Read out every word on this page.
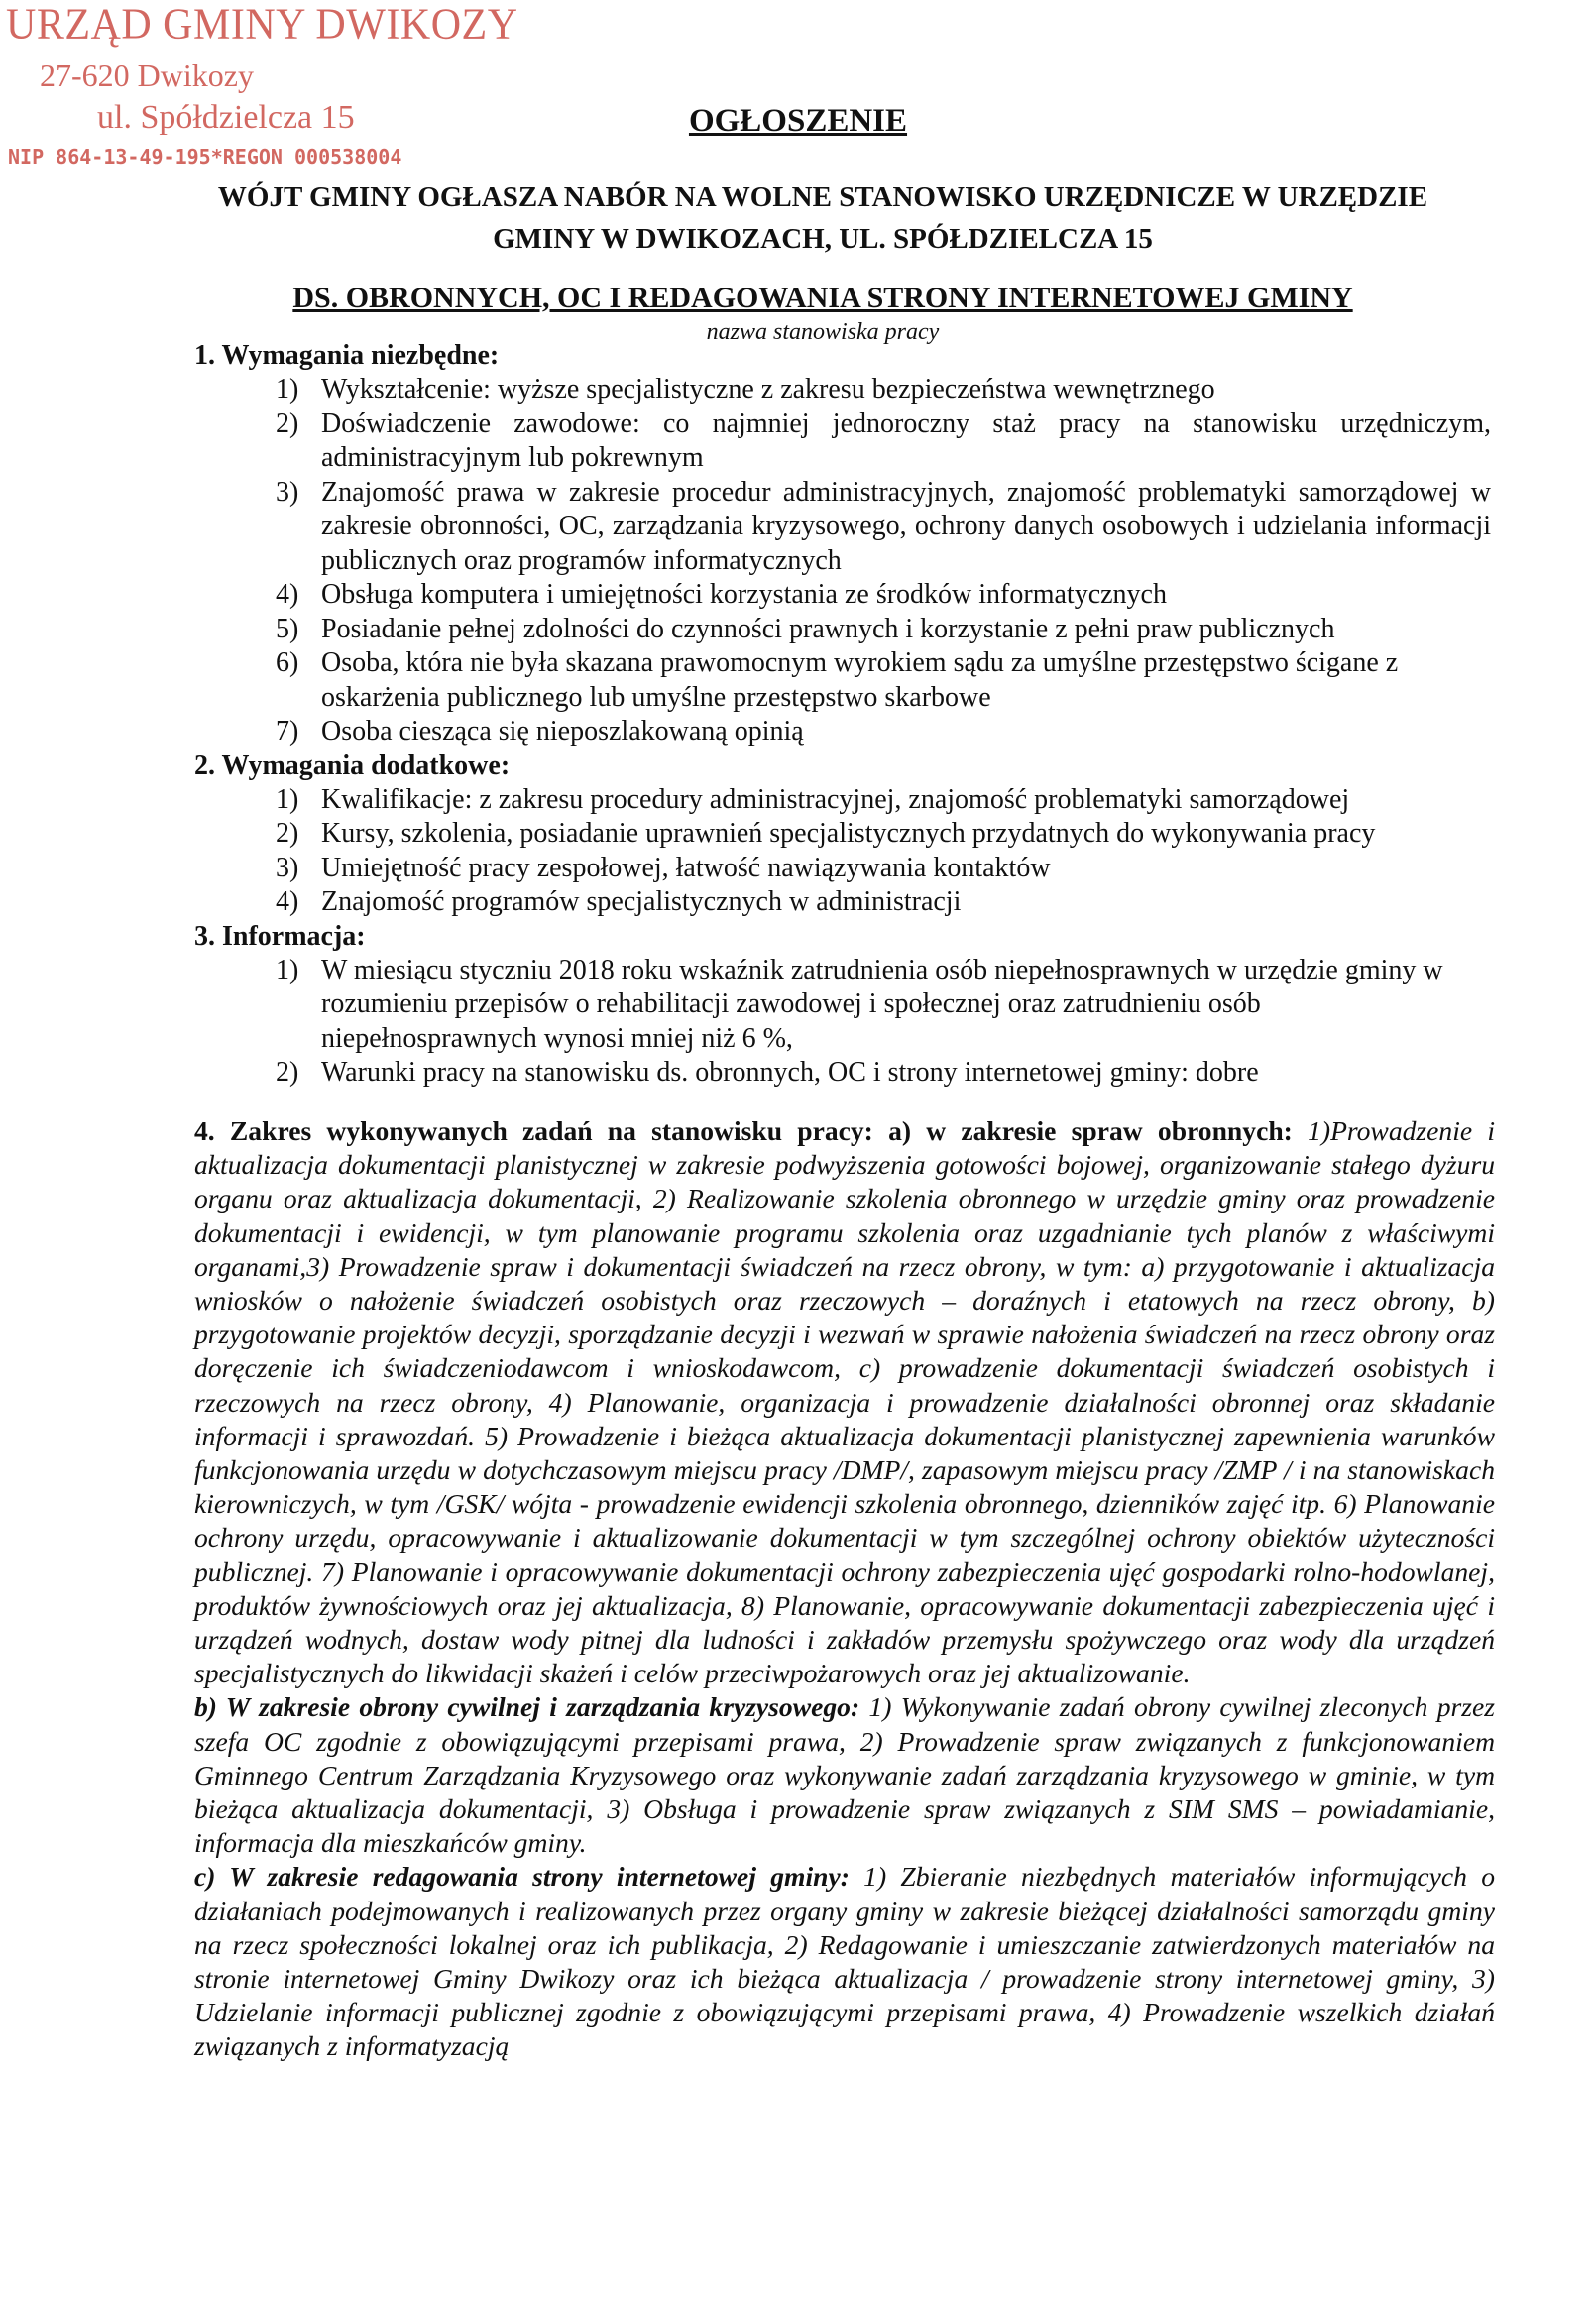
URZĄD GMINY DWIKOZY
27-620 Dwikozy
ul. Spółdzielcza 15
NIP 864-13-49-195*REGON 000538004
OGŁOSZENIE
WÓJT GMINY OGŁASZA NABÓR NA WOLNE STANOWISKO URZĘDNICZE W URZĘDZIE
GMINY W DWIKOZACH, UL. SPÓŁDZIELCZA 15
DS. OBRONNYCH, OC I REDAGOWANIA STRONY INTERNETOWEJ GMINY
nazwa stanowiska pracy
1. Wymagania niezbędne:
1) Wykształcenie: wyższe specjalistyczne z zakresu bezpieczeństwa wewnętrznego
2) Doświadczenie zawodowe: co najmniej jednoroczny staż pracy na stanowisku urzędniczym, administracyjnym lub pokrewnym
3) Znajomość prawa w zakresie procedur administracyjnych, znajomość problematyki samorządowej w zakresie obronności, OC, zarządzania kryzysowego, ochrony danych osobowych i udzielania informacji publicznych oraz programów informatycznych
4) Obsługa komputera i umiejętności korzystania ze środków informatycznych
5) Posiadanie pełnej zdolności do czynności prawnych i korzystanie z pełni praw publicznych
6) Osoba, która nie była skazana prawomocnym wyrokiem sądu za umyślne przestępstwo ścigane z oskarżenia publicznego lub umyślne przestępstwo skarbowe
7) Osoba ciesząca się nieposzlakowaną opinią
2. Wymagania dodatkowe:
1) Kwalifikacje: z zakresu procedury administracyjnej, znajomość problematyki samorządowej
2) Kursy, szkolenia, posiadanie uprawnień specjalistycznych przydatnych do wykonywania pracy
3) Umiejętność pracy zespołowej, łatwość nawiązywania kontaktów
4) Znajomość programów specjalistycznych w administracji
3. Informacja:
1) W miesiącu styczniu 2018 roku wskaźnik zatrudnienia osób niepełnosprawnych w urzędzie gminy w rozumieniu przepisów o rehabilitacji zawodowej i społecznej oraz zatrudnieniu osób niepełnosprawnych wynosi mniej niż 6 %,
2) Warunki pracy na stanowisku ds. obronnych, OC i strony internetowej gminy: dobre

4. Zakres wykonywanych zadań na stanowisku pracy: a) w zakresie spraw obronnych: 1)Prowadzenie i aktualizacja dokumentacji planistycznej w zakresie podwyższenia gotowości bojowej, organizowanie stałego dyżuru organu oraz aktualizacja dokumentacji, 2) Realizowanie szkolenia obronnego w urzędzie gminy oraz prowadzenie dokumentacji i ewidencji, w tym planowanie programu szkolenia oraz uzgadnianie tych planów z właściwymi organami,3) Prowadzenie spraw i dokumentacji świadczeń na rzecz obrony, w tym: a) przygotowanie i aktualizacja wniosków o nałożenie świadczeń osobistych oraz rzeczowych – doraźnych i etatowych na rzecz obrony, b) przygotowanie projektów decyzji, sporządzanie decyzji i wezwań w sprawie nałożenia świadczeń na rzecz obrony oraz doręczenie ich świadczeniodawcom i wnioskodawcom, c) prowadzenie dokumentacji świadczeń osobistych i rzeczowych na rzecz obrony, 4) Planowanie, organizacja i prowadzenie działalności obronnej oraz składanie informacji i sprawozdań. 5) Prowadzenie i bieżąca aktualizacja dokumentacji planistycznej zapewnienia warunków funkcjonowania urzędu w dotychczasowym miejscu pracy /DMP/, zapasowym miejscu pracy /ZMP / i na stanowiskach kierowniczych, w tym /GSK/ wójta - prowadzenie ewidencji szkolenia obronnego, dzienników zajęć itp. 6) Planowanie ochrony urzędu, opracowywanie i aktualizowanie dokumentacji w tym szczególnej ochrony obiektów użyteczności publicznej. 7) Planowanie i opracowywanie dokumentacji ochrony zabezpieczenia ujęć gospodarki rolno-hodowlanej, produktów żywnościowych oraz jej aktualizacja, 8) Planowanie, opracowywanie dokumentacji zabezpieczenia ujęć i urządzeń wodnych, dostaw wody pitnej dla ludności i zakładów przemysłu spożywczego oraz wody dla urządzeń specjalistycznych do likwidacji skażeń i celów przeciwpożarowych oraz jej aktualizowanie.

b) W zakresie obrony cywilnej i zarządzania kryzysowego: 1) Wykonywanie zadań obrony cywilnej zleconych przez szefa OC zgodnie z obowiązującymi przepisami prawa, 2) Prowadzenie spraw związanych z funkcjonowaniem Gminnego Centrum Zarządzania Kryzysowego oraz wykonywanie zadań zarządzania kryzysowego w gminie, w tym bieżąca aktualizacja dokumentacji, 3) Obsługa i prowadzenie spraw związanych z SIM SMS – powiadamianie, informacja dla mieszkańców gminy.

c) W zakresie redagowania strony internetowej gminy: 1) Zbieranie niezbędnych materiałów informujących o działaniach podejmowanych i realizowanych przez organy gminy w zakresie bieżącej działalności samorządu gminy na rzecz społeczności lokalnej oraz ich publikacja, 2) Redagowanie i umieszczanie zatwierdzonych materiałów na stronie internetowej Gminy Dwikozy oraz ich bieżąca aktualizacja / prowadzenie strony internetowej gminy, 3) Udzielanie informacji publicznej zgodnie z obowiązującymi przepisami prawa, 4) Prowadzenie wszelkich działań związanych z informatyzacją
